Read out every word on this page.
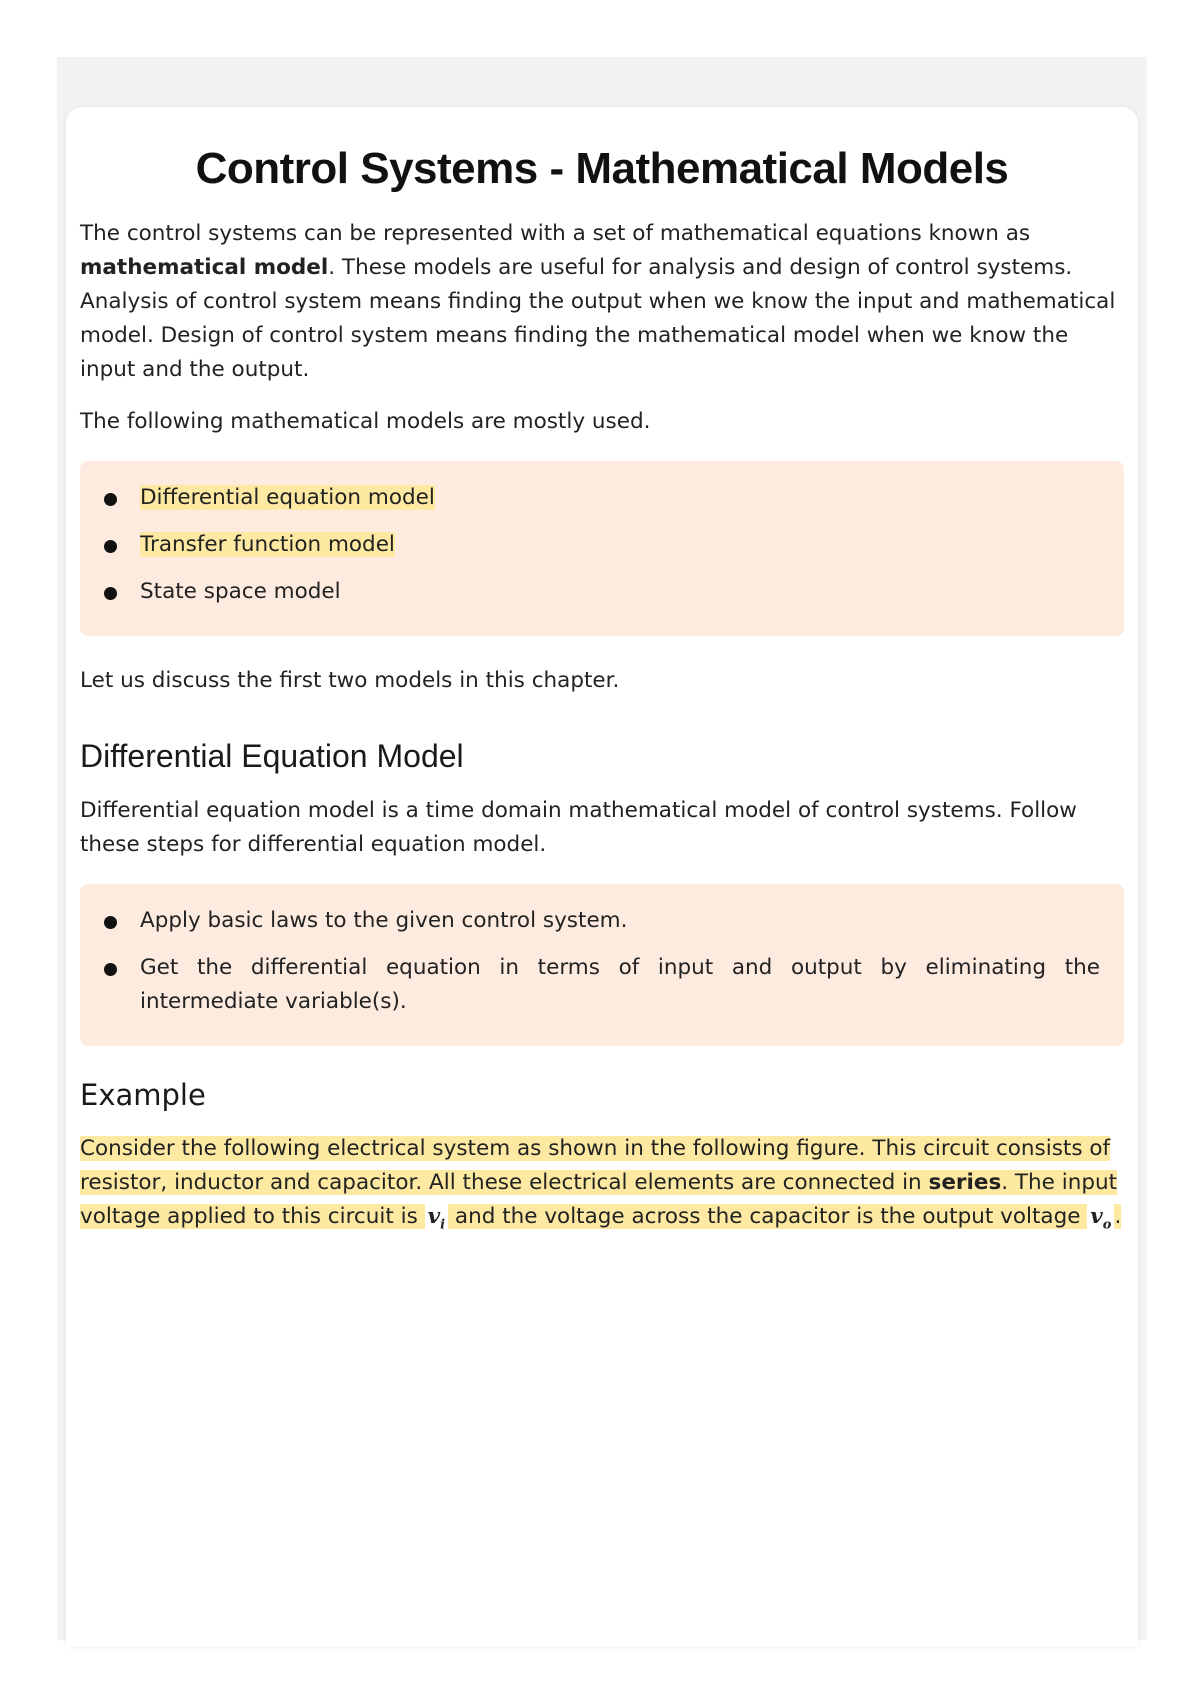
Control Systems - Mathematical Models

The control systems can be represented with a set of mathematical equations known as mathematical model. These models are useful for analysis and design of control systems. Analysis of control system means finding the output when we know the input and mathematical model. Design of control system means finding the mathematical model when we know the input and the output.

The following mathematical models are mostly used.

Differential equation model
Transfer function model
State space model

Let us discuss the first two models in this chapter.

Differential Equation Model

Differential equation model is a time domain mathematical model of control systems. Follow these steps for differential equation model.

Apply basic laws to the given control system.
Get the differential equation in terms of input and output by eliminating the intermediate variable(s).
Example

Consider the following electrical system as shown in the following figure. This circuit consists of resistor, inductor and capacitor. All these electrical elements are connected in series. The input voltage applied to this circuit is $v_i$ and the voltage across the capacitor is the output voltage $v_o$ .
